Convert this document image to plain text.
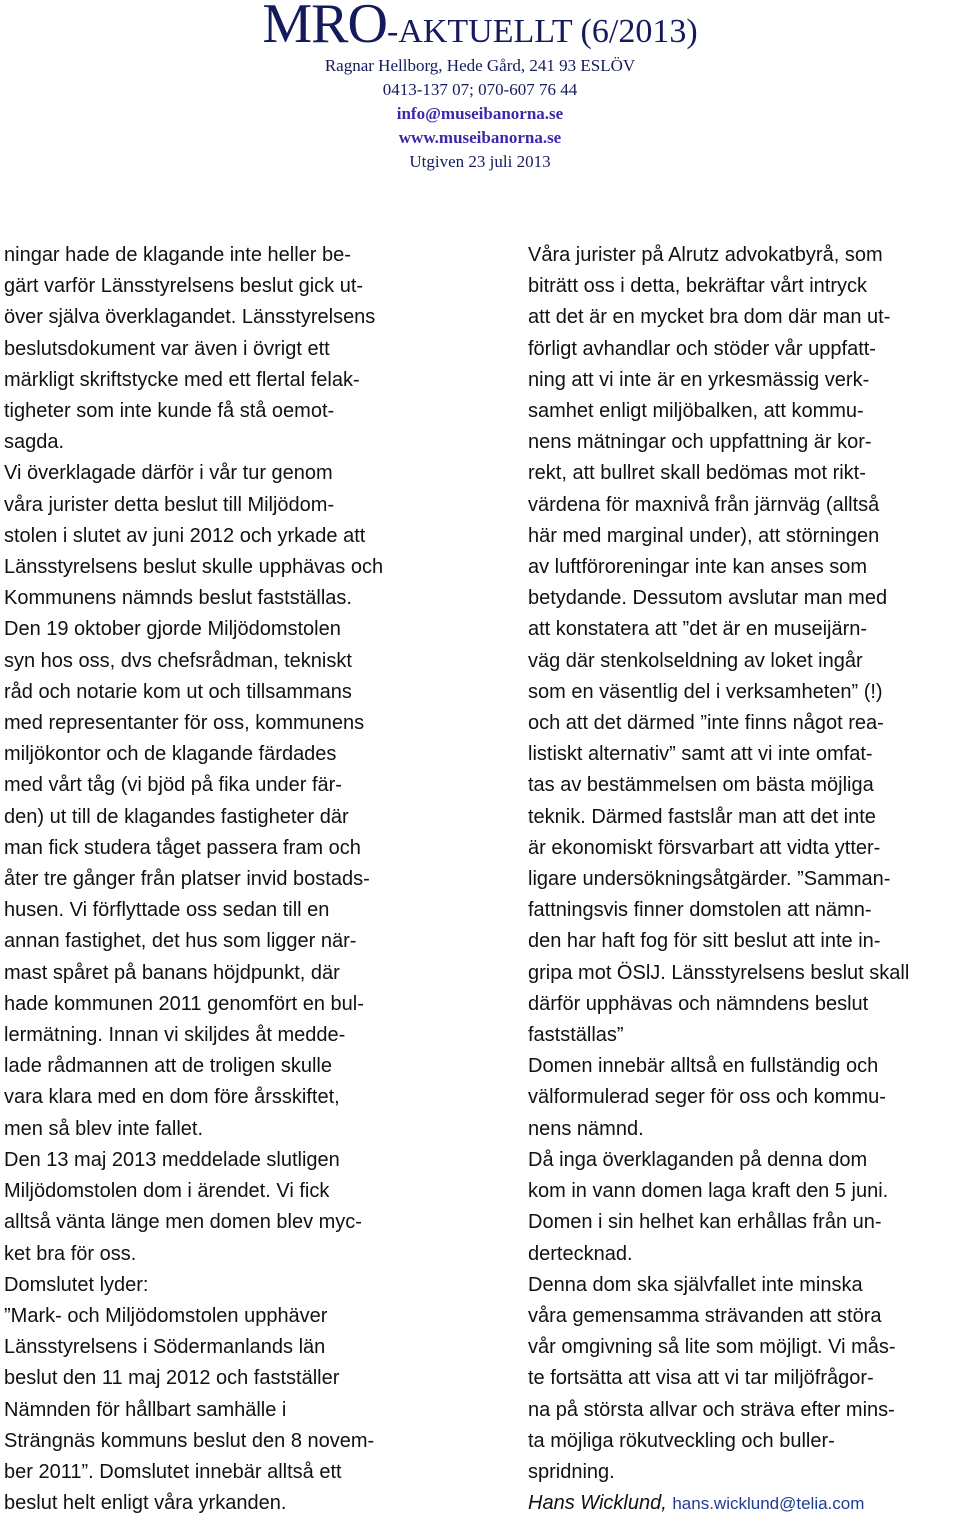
MRO-AKTUELLT (6/2013)

Ragnar Hellborg, Hede Gård, 241 93 ESLÖV

0413-137 07; 070-607 76 44

info@museibanorna.se

www.museibanorna.se

Utgiven 23 juli 2013

ningar hade de klagande inte heller be-

gärt varför Länsstyrelsens beslut gick ut-

över själva överklagandet. Länsstyrelsens

beslutsdokument var även i övrigt ett

märkligt skriftstycke med ett flertal felak-

tigheter som inte kunde få stå oemot-

sagda.

Vi överklagade därför i vår tur genom

våra jurister detta beslut till Miljödom-

stolen i slutet av juni 2012 och yrkade att

Länsstyrelsens beslut skulle upphävas och

Kommunens nämnds beslut fastställas.

Den 19 oktober gjorde Miljödomstolen

syn hos oss, dvs chefsrådman, tekniskt

råd och notarie kom ut och tillsammans

med representanter för oss, kommunens

miljökontor och de klagande färdades

med vårt tåg (vi bjöd på fika under fär-

den) ut till de klagandes fastigheter där

man fick studera tåget passera fram och

åter tre gånger från platser invid bostads-

husen. Vi förflyttade oss sedan till en

annan fastighet, det hus som ligger när-

mast spåret på banans höjdpunkt, där

hade kommunen 2011 genomfört en bul-

lermätning. Innan vi skiljdes åt medde-

lade rådmannen att de troligen skulle

vara klara med en dom före årsskiftet,

men så blev inte fallet.

Den 13 maj 2013 meddelade slutligen

Miljödomstolen dom i ärendet. Vi fick

alltså vänta länge men domen blev myc-

ket bra för oss.

Domslutet lyder:

”Mark- och Miljödomstolen upphäver

Länsstyrelsens i Södermanlands län

beslut den 11 maj 2012 och fastställer

Nämnden för hållbart samhälle i

Strängnäs kommuns beslut den 8 novem-

ber 2011”. Domslutet innebär alltså ett

beslut helt enligt våra yrkanden.

Våra jurister på Alrutz advokatbyrå, som

biträtt oss i detta, bekräftar vårt intryck

att det är en mycket bra dom där man ut-

förligt avhandlar och stöder vår uppfatt-

ning att vi inte är en yrkesmässig verk-

samhet enligt miljöbalken, att kommu-

nens mätningar och uppfattning är kor-

rekt, att bullret skall bedömas mot rikt-

värdena för maxnivå från järnväg (alltså

här med marginal under), att störningen

av luftföroreningar inte kan anses som

betydande. Dessutom avslutar man med

att konstatera att ”det är en museijärn-

väg där stenkolseldning av loket ingår

som en väsentlig del i verksamheten” (!)

och att det därmed ”inte finns något rea-

listiskt alternativ” samt att vi inte omfat-

tas av bestämmelsen om bästa möjliga

teknik. Därmed fastslår man att det inte

är ekonomiskt försvarbart att vidta ytter-

ligare undersökningsåtgärder. ”Samman-

fattningsvis finner domstolen att nämn-

den har haft fog för sitt beslut att inte in-

gripa mot ÖSlJ. Länsstyrelsens beslut skall

därför upphävas och nämndens beslut

fastställas”

Domen innebär alltså en fullständig och

välformulerad seger för oss och kommu-

nens nämnd.

Då inga överklaganden på denna dom

kom in vann domen laga kraft den 5 juni.

Domen i sin helhet kan erhållas från un-

dertecknad.

Denna dom ska självfallet inte minska

våra gemensamma strävanden att störa

vår omgivning så lite som möjligt. Vi mås-

te fortsätta att visa att vi tar miljöfrågor-

na på största allvar och sträva efter mins-

ta möjliga rökutveckling och buller-

spridning.

Hans Wicklund, hans.wicklund@telia.com
